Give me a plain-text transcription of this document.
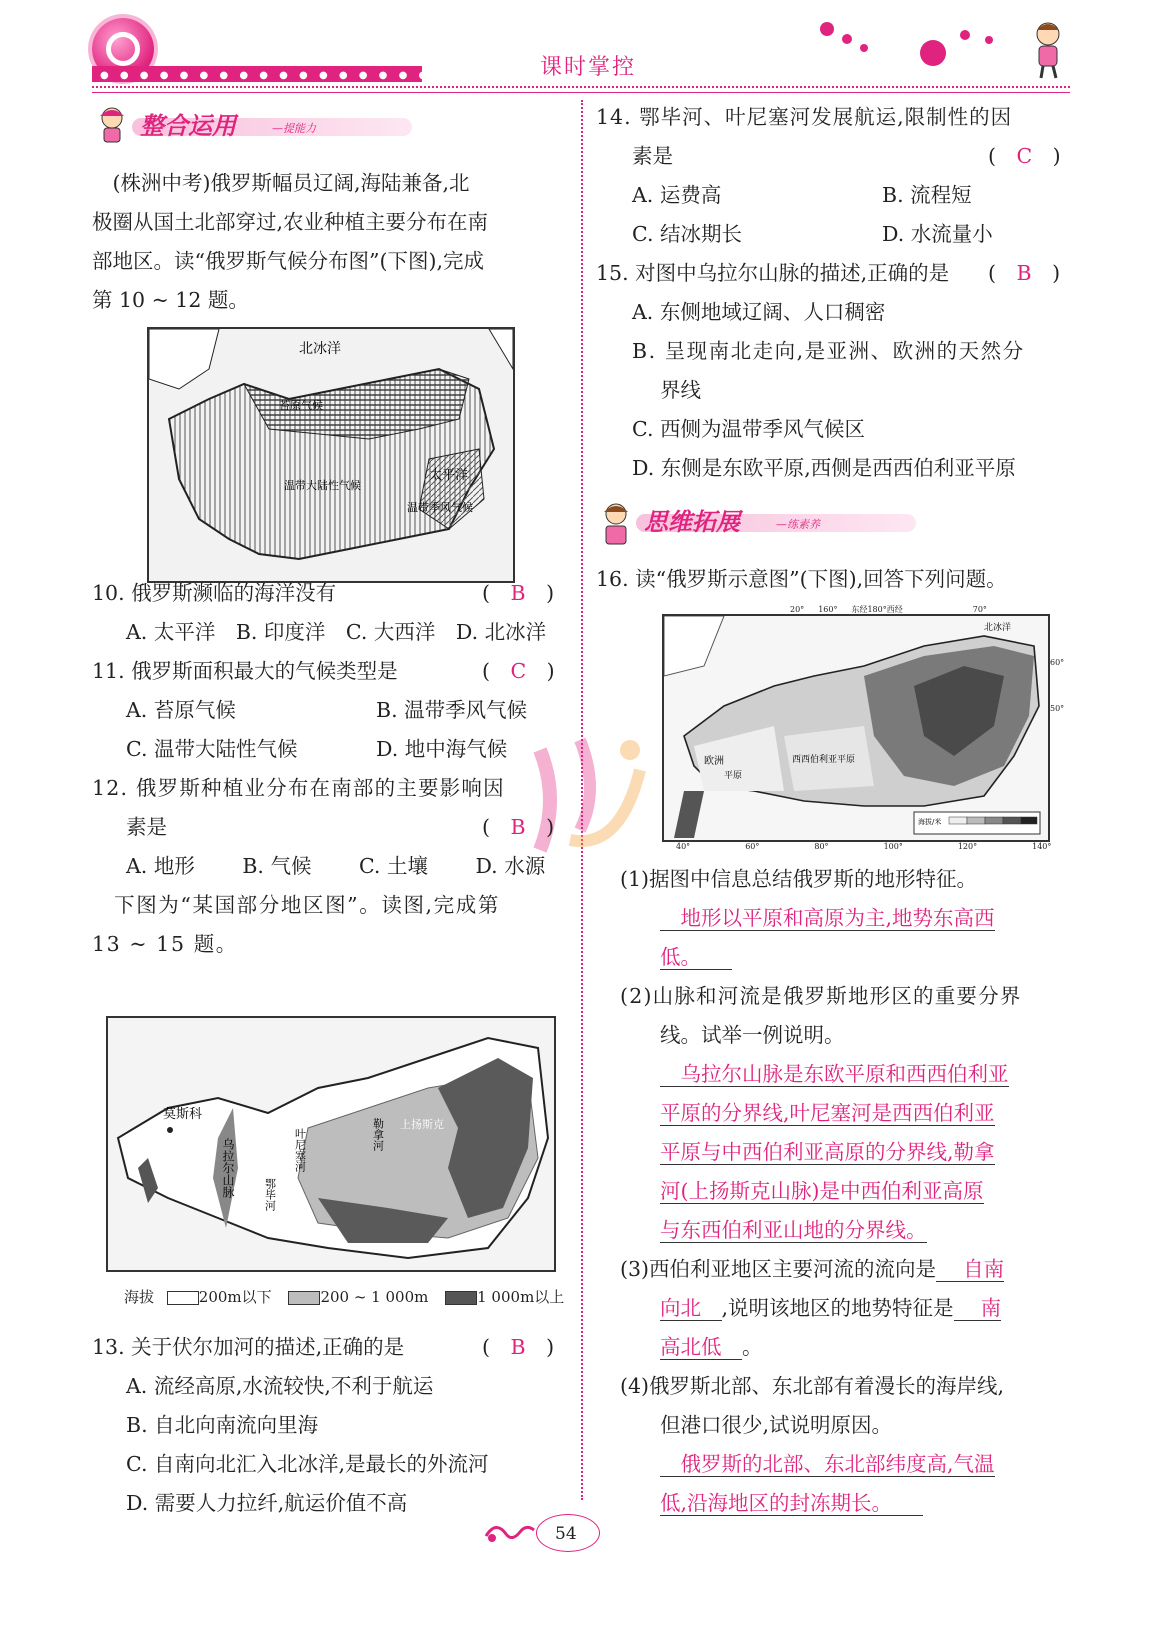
● ● ● ● ● ● ● ● ● ● ● ● ● ● ● ● ● ● ●	课时掌控
整合运用	—提能力
　(株洲中考)俄罗斯幅员辽阔,海陆兼备,北
极圈从国土北部穿过,农业种植主要分布在南
部地区。读“俄罗斯气候分布图”(下图),完成
第 10 ~ 12 题。
北冰洋
苔原气候
温带大陆性气候
太平洋
温带季风气候
10. 俄罗斯濒临的海洋没有	(　B　)
A. 太平洋　B. 印度洋　C. 大西洋　D. 北冰洋
11. 俄罗斯面积最大的气候类型是	(　C　)
A. 苔原气候	B. 温带季风气候
C. 温带大陆性气候	D. 地中海气候
12. 俄罗斯种植业分布在南部的主要影响因
素是	(　B　)
A. 地形　　 B. 气候　　 C. 土壤　　 D. 水源
　下图为“某国部分地区图”。读图,完成第
13 ~ 15 题。
莫斯科
乌拉尔山脉	叶尼塞河
鄂毕河
勒拿河 上扬斯克
海拔	200m以下	200 ~ 1 000m	1 000m以上
13. 关于伏尔加河的描述,正确的是	(　B　)
A. 流经高原,水流较快,不利于航运
B. 自北向南流向里海
C. 自南向北汇入北冰洋,是最长的外流河
D. 需要人力拉纤,航运价值不高
14. 鄂毕河、叶尼塞河发展航运,限制性的因
素是	(　C　)
A. 运费高	B. 流程短
C. 结冰期长	D. 水流量小
15. 对图中乌拉尔山脉的描述,正确的是 (　B　)
A. 东侧地域辽阔、人口稠密
B. 呈现南北走向,是亚洲、欧洲的天然分
界线
C. 西侧为温带季风气候区
D. 东侧是东欧平原,西侧是西西伯利亚平原
思维拓展	—练素养
16. 读“俄罗斯示意图”(下图),回答下列问题。
北冰洋
欧洲
平原
西西伯利亚平原
海拔/米
40°	60°	80°	100°	120°	140°
20° 160° 东经180°西经	70°
60°
50°
(1)据图中信息总结俄罗斯的地形特征。
　地形以平原和高原为主,地势东高西
低。　　
(2)山脉和河流是俄罗斯地形区的重要分界
线。试举一例说明。
　乌拉尔山脉是东欧平原和西西伯利亚
平原的分界线,叶尼塞河是西西伯利亚
平原与中西伯利亚高原的分界线,勒拿
河(上扬斯克山脉)是中西伯利亚高原
与东西伯利亚山地的分界线。
(3)西伯利亚地区主要河流的流向是　 自南
向北　 ,说明该地区的地势特征是　 南
高北低　 。
(4)俄罗斯北部、东北部有着漫长的海岸线,
但港口很少,试说明原因。
　俄罗斯的北部、东北部纬度高,气温
低,沿海地区的封冻期长。　　
54
